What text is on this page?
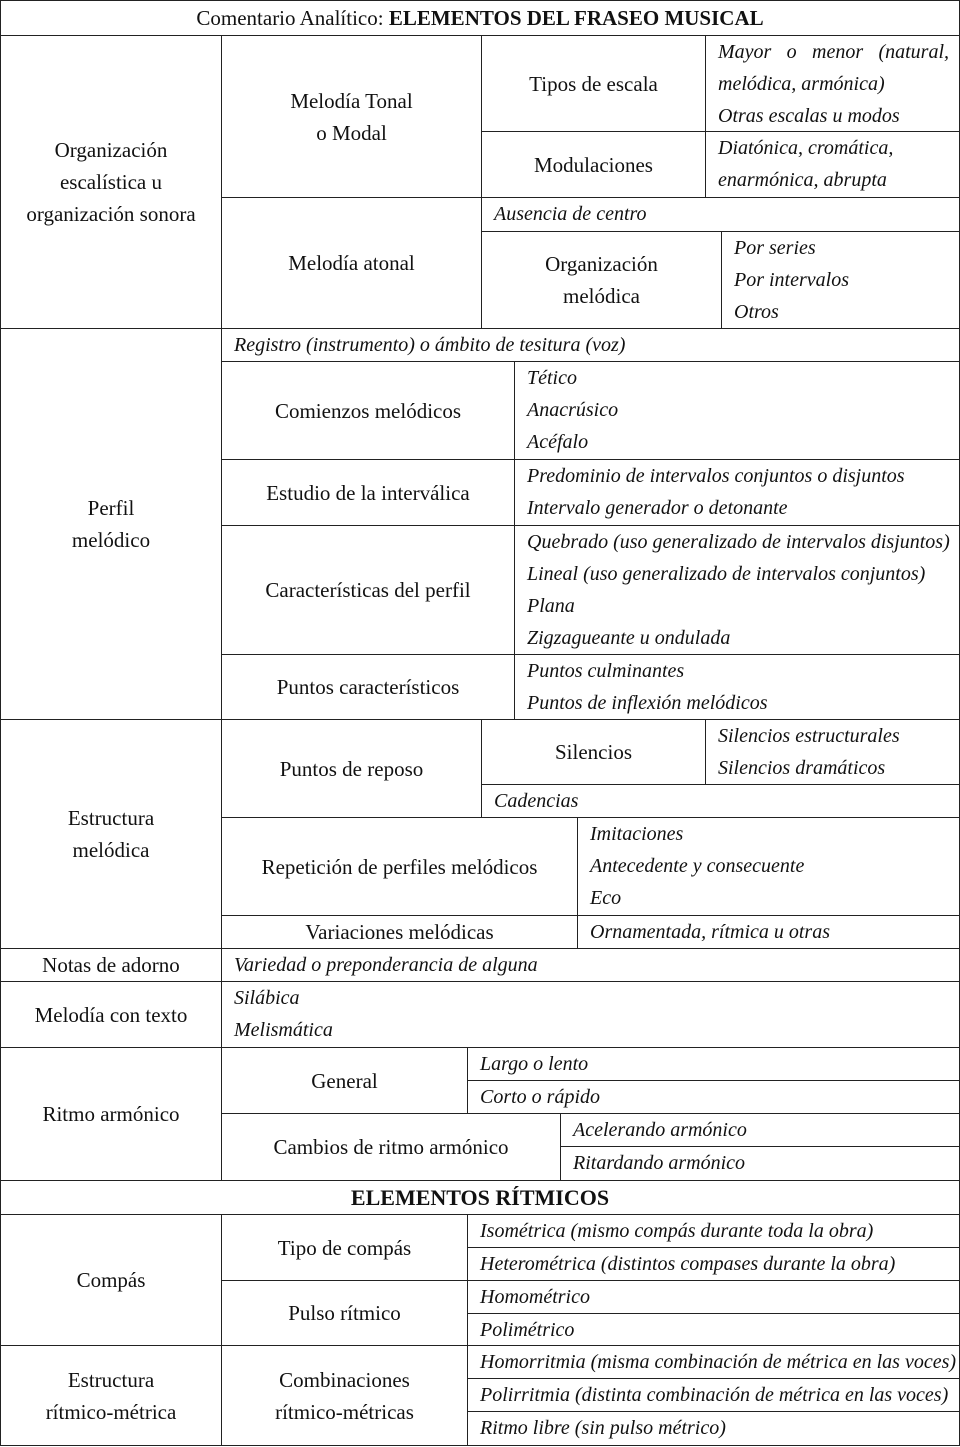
Comentario Analítico:
ELEMENTOS DEL FRASEO MUSICAL
Organización
escalística u
organización sonora
Melodía Tonal
o Modal
Tipos de escala
Mayor o menor (natural,
melódica, armónica)
Otras escalas u modos
Modulaciones
Diatónica, cromática,
enarmónica, abrupta
Melodía atonal
Ausencia de centro
Organización
melódica
Por series
Por intervalos
Otros
Perfil
melódico
Registro (instrumento) o ámbito de tesitura (voz)
Comienzos melódicos
Tético
Anacrúsico
Acéfalo
Estudio de la interválica
Predominio de intervalos conjuntos o disjuntos
Intervalo generador o detonante
Características del perfil
Quebrado (uso generalizado de intervalos disjuntos)
Lineal (uso generalizado de intervalos conjuntos)
Plana
Zigzagueante u ondulada
Puntos característicos
Puntos culminantes
Puntos de inflexión melódicos
Estructura
melódica
Puntos de reposo
Silencios
Silencios estructurales
Silencios dramáticos
Cadencias
Repetición de perfiles melódicos
Imitaciones
Antecedente y consecuente
Eco
Variaciones melódicas	Ornamentada, rítmica u otras
Notas de adorno	Variedad o preponderancia de alguna
Melodía con texto
Silábica
Melismática
Ritmo armónico
General
Largo o lento
Corto o rápido
Cambios de ritmo armónico
Acelerando armónico
Ritardando armónico
ELEMENTOS RÍTMICOS
Compás
Tipo de compás
Isométrica (mismo compás durante toda la obra)
Heterométrica (distintos compases durante la obra)
Pulso rítmico
Homométrico
Polimétrico
Estructura
rítmico-métrica
Combinaciones
rítmico-métricas
Homorritmia (misma combinación de métrica en las voces)
Polirritmia (distinta combinación de métrica en las voces)
Ritmo libre (sin pulso métrico)
